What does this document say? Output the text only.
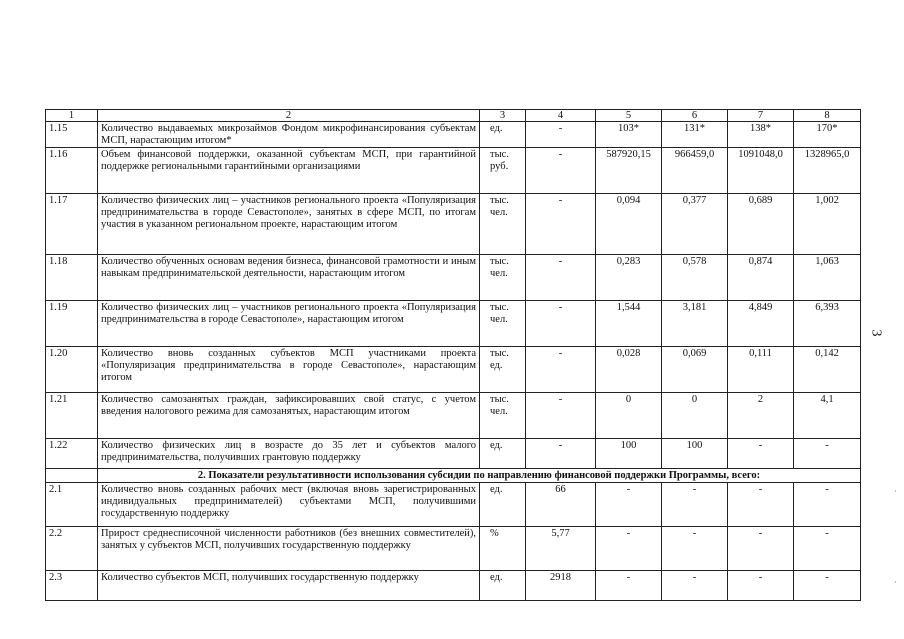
1	2	3	4	5	6	7	8
1.15	Количество выдаваемых микрозаймов Фондом микрофинансирования субъектам МСП, нарастающим итогом*	ед.	-	103*	131*	138*	170*
1.16	Объем финансовой поддержки, оказанной субъектам МСП, при гарантийной поддержке региональными гарантийными организациями	тыс. руб.	-	587920,15	966459,0	1091048,0	1328965,0
1.17	Количество физических лиц – участников регионального проекта «Популяризация предпринимательства в городе Севастополе», занятых в сфере МСП, по итогам участия в указанном региональном проекте, нарастающим итогом	тыс. чел.	-	0,094	0,377	0,689	1,002
1.18	Количество обученных основам ведения бизнеса, финансовой грамотности и иным навыкам предпринимательской деятельности, нарастающим итогом	тыс. чел.	-	0,283	0,578	0,874	1,063
1.19	Количество физических лиц – участников регионального проекта «Популяризация предпринимательства в городе Севастополе», нарастающим итогом	тыс. чел.	-	1,544	3,181	4,849	6,393
1.20	Количество вновь созданных субъектов МСП участниками проекта «Популяризация предпринимательства в городе Севастополе», нарастающим итогом	тыс. ед.	-	0,028	0,069	0,111	0,142
1.21	Количество самозанятых граждан, зафиксировавших свой статус, с учетом введения налогового режима для самозанятых, нарастающим итогом	тыс. чел.	-	0	0	2	4,1
1.22	Количество физических лиц в возрасте до 35 лет и субъектов малого предпринимательства, получивших грантовую поддержку	ед.	-	100	100	-	-
	2. Показатели результативности использования субсидии по направлению финансовой поддержки Программы, всего:						
2.1	Количество вновь созданных рабочих мест (включая вновь зарегистрированных индивидуальных предпринимателей) субъектами МСП, получившими государственную поддержку	ед.	66	-	-	-	-
2.2	Прирост среднесписочной численности работников (без внешних совместителей), занятых у субъектов МСП, получивших государственную поддержку	%	5,77	-	-	-	-
2.3	Количество субъектов МСП, получивших государственную поддержку	ед.	2918	-	-	-	-
3
·
·
